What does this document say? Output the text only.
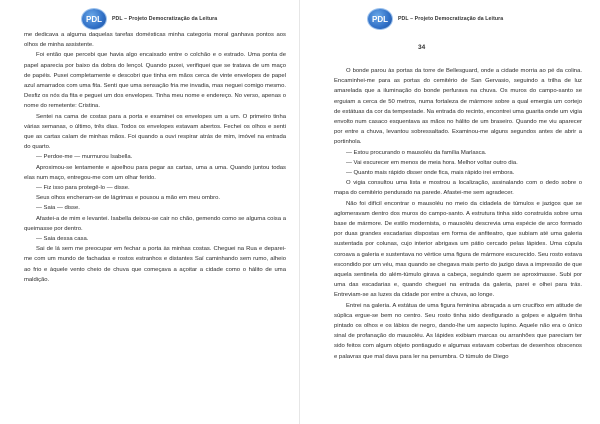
PDL	PDL – Projeto Democratização da Leitura

me dedicava a alguma daquelas tarefas domésticas minha categoria moral ganhava pontos aos olhos de minha assistente.

Foi então que percebi que havia algo encaixado entre o colchão e o estrado. Uma ponta de papel aparecia por baixo da dobra do lençol. Quando puxei, verifiquei que se tratava de um maço de papéis. Puxei completamente e descobri que tinha em mãos cerca de vinte envelopes de papel azul amarrados com uma fita. Senti que uma sensação fria me invadia, mas neguei comigo mesmo. Desfiz os nós da fita e peguei um dos envelopes. Tinha meu nome e endereço. No verso, apenas o nome do remetente: Cristina.

Sentei na cama de costas para a porta e examinei os envelopes um a um. O primeiro tinha várias semanas, o último, três dias. Todos os envelopes estavam abertos. Fechei os olhos e senti que as cartas caíam de minhas mãos. Foi quando a ouvi respirar atrás de mim, imóvel na entrada do quarto.

— Perdoe-me — murmurou Isabella.

Aproximou-se lentamente e ajoelhou para pegar as cartas, uma a uma. Quando juntou todas elas num maço, entregou-me com um olhar ferido.

— Fiz isso para protegê-lo — disse.

Seus olhos encheram-se de lágrimas e pousou a mão em meu ombro.

— Saia — disse.

Afastei-a de mim e levantei. Isabella deixou-se cair no chão, gemendo como se alguma coisa a queimasse por dentro.

— Saia dessa casa.

Sai de lá sem me preocupar em fechar a porta às minhas costas. Cheguei na Rua e deparei-me com um mundo de fachadas e rostos estranhos e distantes Saí caminhando sem rumo, alheio ao frio e àquele vento cheio de chuva que começava a açoitar a cidade como o hálito de uma maldição.

PDL	PDL – Projeto Democratização da Leitura
34

O bonde parou às portas da torre de Bellesguard, onde a cidade morria ao pé da colina. Encaminhei-me para as portas do cemitério de San Gervasio, seguindo a trilha de luz amarelada que a iluminação do bonde perfurava na chuva. Os muros do campo-santo se erguiam a cerca de 50 metros, numa fortaleza de mármore sobre a qual emergia um cortejo de estátuas da cor da tempestade. Na entrada do recinto, encontrei uma guarita onde um vigia envolto num casaco esquentava as mãos no hálito de um braseiro. Quando me viu aparecer por entre a chuva, levantou sobressaltado. Examinou-me alguns segundos antes de abrir a portinhola.

— Estou procurando o mausoléu da família Marlasca.

— Vai escurecer em menos de meia hora. Melhor voltar outro dia.

— Quanto mais rápido disser onde fica, mais rápido irei embora.

O vigia consultou uma lista e mostrou a localização, assinalando com o dedo sobre o mapa do cemitério pendurado na parede. Afastei-me sem agradecer.

Não foi difícil encontrar o mausoléu no meio da cidadela de túmulos e jazigos que se aglomeravam dentro dos muros do campo-santo. A estrutura tinha sido construída sobre uma base de mármore. De estilo modernista, o mausoléu descrevia uma espécie de arco formado por duas grandes escadarias dispostas em forma de anfiteatro, que subiam até uma galeria sustentada por colunas, cujo interior abrigava um pátio cercado pelas lápides. Uma cúpula coroava a galeria e sustentava no vértice uma figura de mármore escurecido. Seu rosto estava escondido por um véu, mas quando se chegava mais perto do jazigo dava a impressão de que aquela sentinela do além-túmulo girava a cabeça, seguindo quem se aproximasse. Subi por uma das escadarias e, quando cheguei na entrada da galeria, parei e olhei para trás. Entreviam-se as luzes da cidade por entre a chuva, ao longe.

Entrei na galeria. A estátua de uma figura feminina abraçada a um crucifixo em atitude de súplica ergue-se bem no centro. Seu rosto tinha sido desfigurado a golpes e alguém tinha pintado os olhos e os lábios de negro, dando-lhe um aspecto lupino. Aquele não era o único sinal de profanação do mausoléu. As lápides exibiam marcas ou arranhões que pareciam ter sido feitos com algum objeto pontiagudo e algumas estavam cobertas de desenhos obscenos e palavras que mal dava para ler na penumbra. O túmulo de Diego
